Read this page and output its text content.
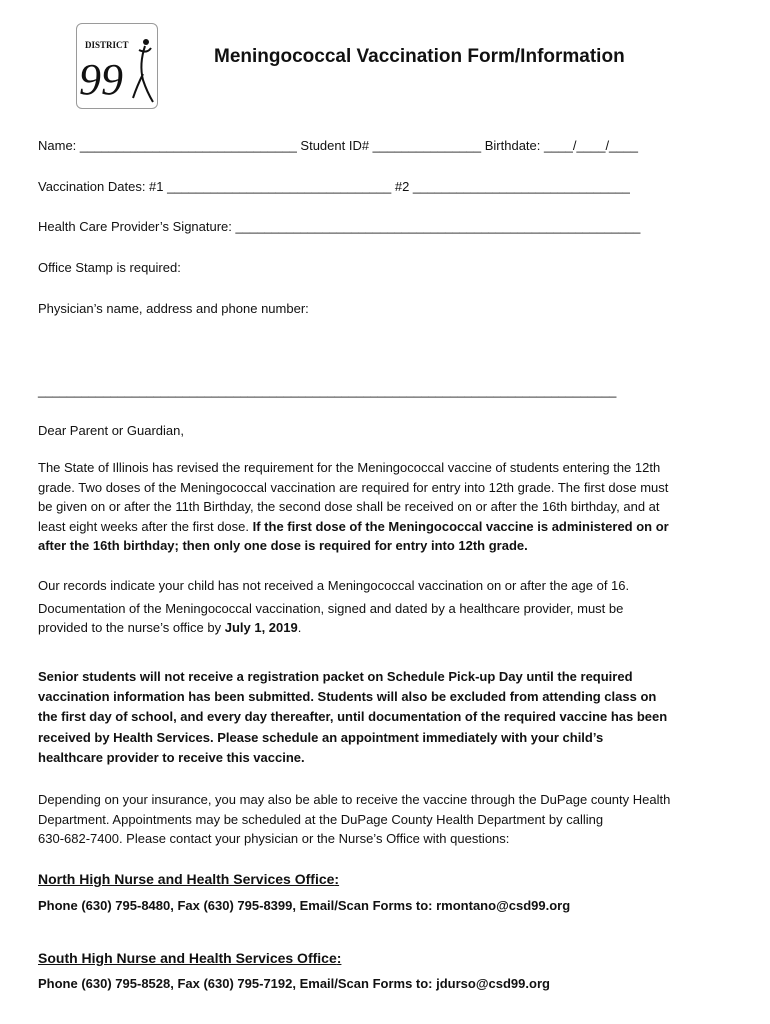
DISTRICT
99	Meningococcal Vaccination Form/Information
Name: ______________________________ Student ID# _______________ Birthdate: ____/____/____
Vaccination Dates: #1 _______________________________ #2 ______________________________
Health Care Provider’s Signature: ________________________________________________________
Office Stamp is required:
Physician’s name, address and phone number:
________________________________________________________________________________
Dear Parent or Guardian,

The State of Illinois has revised the requirement for the Meningococcal vaccine of students entering the 12th

grade. Two doses of the Meningococcal vaccination are required for entry into 12th grade. The first dose must

be given on or after the 11th Birthday, the second dose shall be received on or after the 16th birthday, and at

least eight weeks after the first dose. If the first dose of the Meningococcal vaccine is administered on or

after the 16th birthday; then only one dose is required for entry into 12th grade.

Our records indicate your child has not received a Meningococcal vaccination on or after the age of 16.

Documentation of the Meningococcal vaccination, signed and dated by a healthcare provider, must be

provided to the nurse’s office by July 1, 2019.

Senior students will not receive a registration packet on Schedule Pick-up Day until the required

vaccination information has been submitted. Students will also be excluded from attending class on

the first day of school, and every day thereafter, until documentation of the required vaccine has been

received by Health Services. Please schedule an appointment immediately with your child’s

healthcare provider to receive this vaccine.

Depending on your insurance, you may also be able to receive the vaccine through the DuPage county Health

Department. Appointments may be scheduled at the DuPage County Health Department by calling

630-682-7400. Please contact your physician or the Nurse’s Office with questions:

North High Nurse and Health Services Office:
Phone (630) 795-8480, Fax (630) 795-8399, Email/Scan Forms to: rmontano@csd99.org
South High Nurse and Health Services Office:
Phone (630) 795-8528, Fax (630) 795-7192, Email/Scan Forms to: jdurso@csd99.org
